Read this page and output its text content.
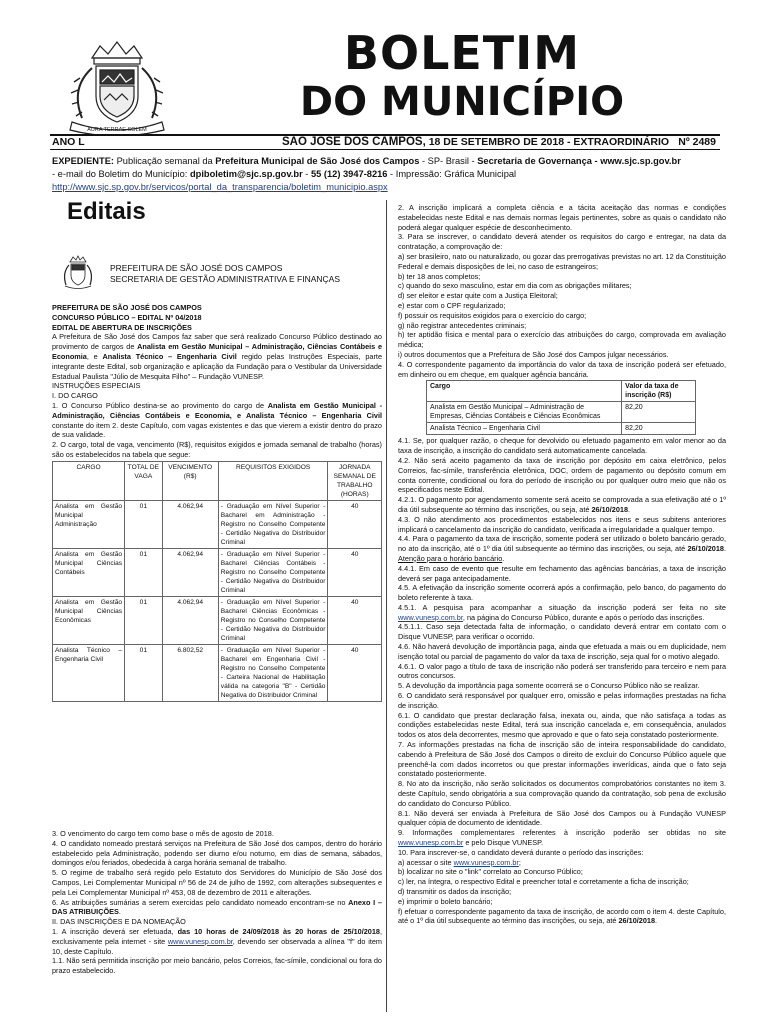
AURA TERRAE SOLEM
BOLETIM
DO MUNICÍPIO
ANO L	SÃO JOSÉ DOS CAMPOS, 18 DE SETEMBRO DE 2018 - EXTRAORDINÁRIO Nº 2489
EXPEDIENTE: Publicação semanal da Prefeitura Municipal de São José dos Campos - SP- Brasil - Secretaria de Governança - www.sjc.sp.gov.br
- e-mail do Boletim do Município: dpiboletim@sjc.sp.gov.br - 55 (12) 3947-8216 - Impressão: Gráfica Municipal
http://www.sjc.sp.gov.br/servicos/portal_da_transparencia/boletim_municipio.aspx
Editais
PREFEITURA DE SÃO JOSÉ DOS CAMPOS
SECRETARIA DE GESTÃO ADMINISTRATIVA E FINANÇAS

PREFEITURA DE SÃO JOSÉ DOS CAMPOS

CONCURSO PÚBLICO – EDITAL Nº 04/2018

EDITAL DE ABERTURA DE INSCRIÇÕES

A Prefeitura de São José dos Campos faz saber que será realizado Concurso Público destinado ao provimento de cargos de Analista em Gestão Municipal – Administração, Ciências Contábeis e Economia, e Analista Técnico – Engenharia Civil regido pelas Instruções Especiais, parte integrante deste Edital, sob organização e aplicação da Fundação para o Vestibular da Universidade Estadual Paulista "Júlio de Mesquita Filho" – Fundação VUNESP.

INSTRUÇÕES ESPECIAIS

I. DO CARGO

1. O Concurso Público destina-se ao provimento do cargo de Analista em Gestão Municipal - Administração, Ciências Contábeis e Economia, e Analista Técnico – Engenharia Civil constante do item 2. deste Capítulo, com vagas existentes e das que vierem a existir dentro do prazo de sua validade.

2. O cargo, total de vaga, vencimento (R$), requisitos exigidos e jornada semanal de trabalho (horas) são os estabelecidos na tabela que segue:

CARGO	TOTAL DE VAGA	VENCIMENTO (R$)	REQUISITOS EXIGIDOS	JORNADA SEMANAL DE TRABALHO (HORAS)
Analista em Gestão Municipal Administração	01	4.062,94	- Graduação em Nível Superior - Bacharel em Administração - Registro no Conselho Competente - Certidão Negativa do Distribuidor Criminal	40
Analista em Gestão Municipal Ciências Contábeis	01	4.062,94	- Graduação em Nível Superior - Bacharel Ciências Contábeis - Registro no Conselho Competente - Certidão Negativa do Distribuidor Criminal	40
Analista em Gestão Municipal Ciências Econômicas	01	4.062,94	- Graduação em Nível Superior - Bacharel Ciências Econômicas - Registro no Conselho Competente - Certidão Negativa do Distribuidor Criminal	40
Analista Técnico – Engenharia Civil	01	6.802,52	- Graduação em Nível Superior - Bacharel em Engenharia Civil - Registro no Conselho Competente - Carteira Nacional de Habilitação válida na categoria "B" - Certidão Negativa do Distribuidor Criminal	40

3. O vencimento do cargo tem como base o mês de agosto de 2018.

4. O candidato nomeado prestará serviços na Prefeitura de São José dos campos, dentro do horário estabelecido pela Administração, podendo ser diurno e/ou noturno, em dias de semana, sábados, domingos e/ou feriados, obedecida à carga horária semanal de trabalho.

5. O regime de trabalho será regido pelo Estatuto dos Servidores do Município de São José dos Campos, Lei Complementar Municipal nº 56 de 24 de julho de 1992, com alterações subsequentes e pela Lei Complementar Municipal nº 453, 08 de dezembro de 2011 e alterações.

6. As atribuições sumárias a serem exercidas pelo candidato nomeado encontram-se no Anexo I – DAS ATRIBUIÇÕES.

II. DAS INSCRIÇÕES E DA NOMEAÇÃO

1. A inscrição deverá ser efetuada, das 10 horas de 24/09/2018 às 20 horas de 25/10/2018, exclusivamente pela internet - site www.vunesp.com.br, devendo ser observada a alínea "f" do item 10, deste Capítulo.

1.1. Não será permitida inscrição por meio bancário, pelos Correios, fac-símile, condicional ou fora do prazo estabelecido.

2. A inscrição implicará a completa ciência e a tácita aceitação das normas e condições estabelecidas neste Edital e nas demais normas legais pertinentes, sobre as quais o candidato não poderá alegar qualquer espécie de desconhecimento.

3. Para se inscrever, o candidato deverá atender os requisitos do cargo e entregar, na data da contratação, a comprovação de:

a) ser brasileiro, nato ou naturalizado, ou gozar das prerrogativas previstas no art. 12 da Constituição Federal e demais disposições de lei, no caso de estrangeiros;

b) ter 18 anos completos;

c) quando do sexo masculino, estar em dia com as obrigações militares;

d) ser eleitor e estar quite com a Justiça Eleitoral;

e) estar com o CPF regularizado;

f) possuir os requisitos exigidos para o exercício do cargo;

g) não registrar antecedentes criminais;

h) ter aptidão física e mental para o exercício das atribuições do cargo, comprovada em avaliação médica;

i) outros documentos que a Prefeitura de São José dos Campos julgar necessários.

4. O correspondente pagamento da importância do valor da taxa de inscrição poderá ser efetuado, em dinheiro ou em cheque, em qualquer agência bancária.

Cargo	Valor da taxa de inscrição (R$)
Analista em Gestão Municipal – Administração de Empresas, Ciências Contábeis e Ciências Econômicas	82,20
Analista Técnico – Engenharia Civil	82,20

4.1. Se, por qualquer razão, o cheque for devolvido ou efetuado pagamento em valor menor ao da taxa de inscrição, a inscrição do candidato será automaticamente cancelada.

4.2. Não será aceito pagamento da taxa de inscrição por depósito em caixa eletrônico, pelos Correios, fac-símile, transferência eletrônica, DOC, ordem de pagamento ou depósito comum em conta corrente, condicional ou fora do período de inscrição ou por qualquer outro meio que não os especificados neste Edital.

4.2.1. O pagamento por agendamento somente será aceito se comprovada a sua efetivação até o 1º dia útil subsequente ao término das inscrições, ou seja, até 26/10/2018.

4.3. O não atendimento aos procedimentos estabelecidos nos itens e seus subitens anteriores implicará o cancelamento da inscrição do candidato, verificada a irregularidade a qualquer tempo.

4.4. Para o pagamento da taxa de inscrição, somente poderá ser utilizado o boleto bancário gerado, no ato da inscrição, até o 1º dia útil subsequente ao término das inscrições, ou seja, até 26/10/2018. Atenção para o horário bancário.

4.4.1. Em caso de evento que resulte em fechamento das agências bancárias, a taxa de inscrição deverá ser paga antecipadamente.

4.5. A efetivação da inscrição somente ocorrerá após a confirmação, pelo banco, do pagamento do boleto referente à taxa.

4.5.1. A pesquisa para acompanhar a situação da inscrição poderá ser feita no site www.vunesp.com.br, na página do Concurso Público, durante e após o período das inscrições.

4.5.1.1. Caso seja detectada falta de informação, o candidato deverá entrar em contato com o Disque VUNESP, para verificar o ocorrido.

4.6. Não haverá devolução de importância paga, ainda que efetuada a mais ou em duplicidade, nem isenção total ou parcial de pagamento do valor da taxa de inscrição, seja qual for o motivo alegado.

4.6.1. O valor pago a título de taxa de inscrição não poderá ser transferido para terceiro e nem para outros concursos.

5. A devolução da importância paga somente ocorrerá se o Concurso Público não se realizar.

6. O candidato será responsável por qualquer erro, omissão e pelas informações prestadas na ficha de inscrição.

6.1. O candidato que prestar declaração falsa, inexata ou, ainda, que não satisfaça a todas as condições estabelecidas neste Edital, terá sua inscrição cancelada e, em consequência, anulados todos os atos dela decorrentes, mesmo que aprovado e que o fato seja constatado posteriormente.

7. As informações prestadas na ficha de inscrição são de inteira responsabilidade do candidato, cabendo à Prefeitura de São José dos Campos o direito de excluir do Concurso Público aquele que preenchê-la com dados incorretos ou que prestar informações inverídicas, ainda que o fato seja constatado posteriormente.

8. No ato da inscrição, não serão solicitados os documentos comprobatórios constantes no item 3. deste Capítulo, sendo obrigatória a sua comprovação quando da contratação, sob pena de exclusão do candidato do Concurso Público.

8.1. Não deverá ser enviada à Prefeitura de São José dos Campos ou à Fundação VUNESP qualquer cópia de documento de identidade.

9. Informações complementares referentes à inscrição poderão ser obtidas no site www.vunesp.com.br e pelo Disque VUNESP.

10. Para inscrever-se, o candidato deverá durante o período das inscrições:

a) acessar o site www.vunesp.com.br;

b) localizar no site o "link" correlato ao Concurso Público;

c) ler, na íntegra, o respectivo Edital e preencher total e corretamente a ficha de inscrição;

d) transmitir os dados da inscrição;

e) imprimir o boleto bancário;

f) efetuar o correspondente pagamento da taxa de inscrição, de acordo com o item 4. deste Capítulo, até o 1º dia útil subsequente ao término das inscrições, ou seja, até 26/10/2018.
